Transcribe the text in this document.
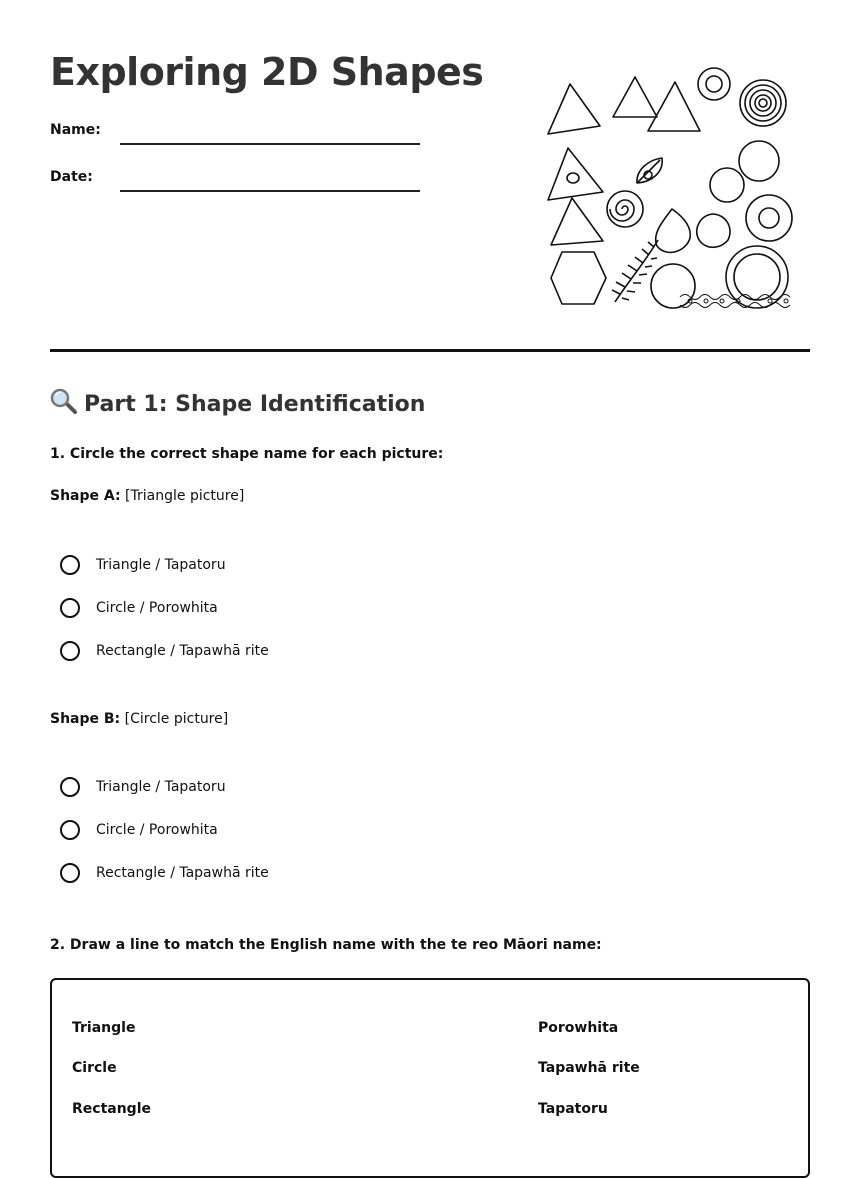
Exploring 2D Shapes
Name:
Date:
Part 1: Shape Identification
1. Circle the correct shape name for each picture:
Shape A: [Triangle picture]
Triangle / Tapatoru
Circle / Porowhita
Rectangle / Tapawhā rite
Shape B: [Circle picture]
Triangle / Tapatoru
Circle / Porowhita
Rectangle / Tapawhā rite
2. Draw a line to match the English name with the te reo Māori name:
Triangle
Circle
Rectangle
Porowhita
Tapawhā rite
Tapatoru
